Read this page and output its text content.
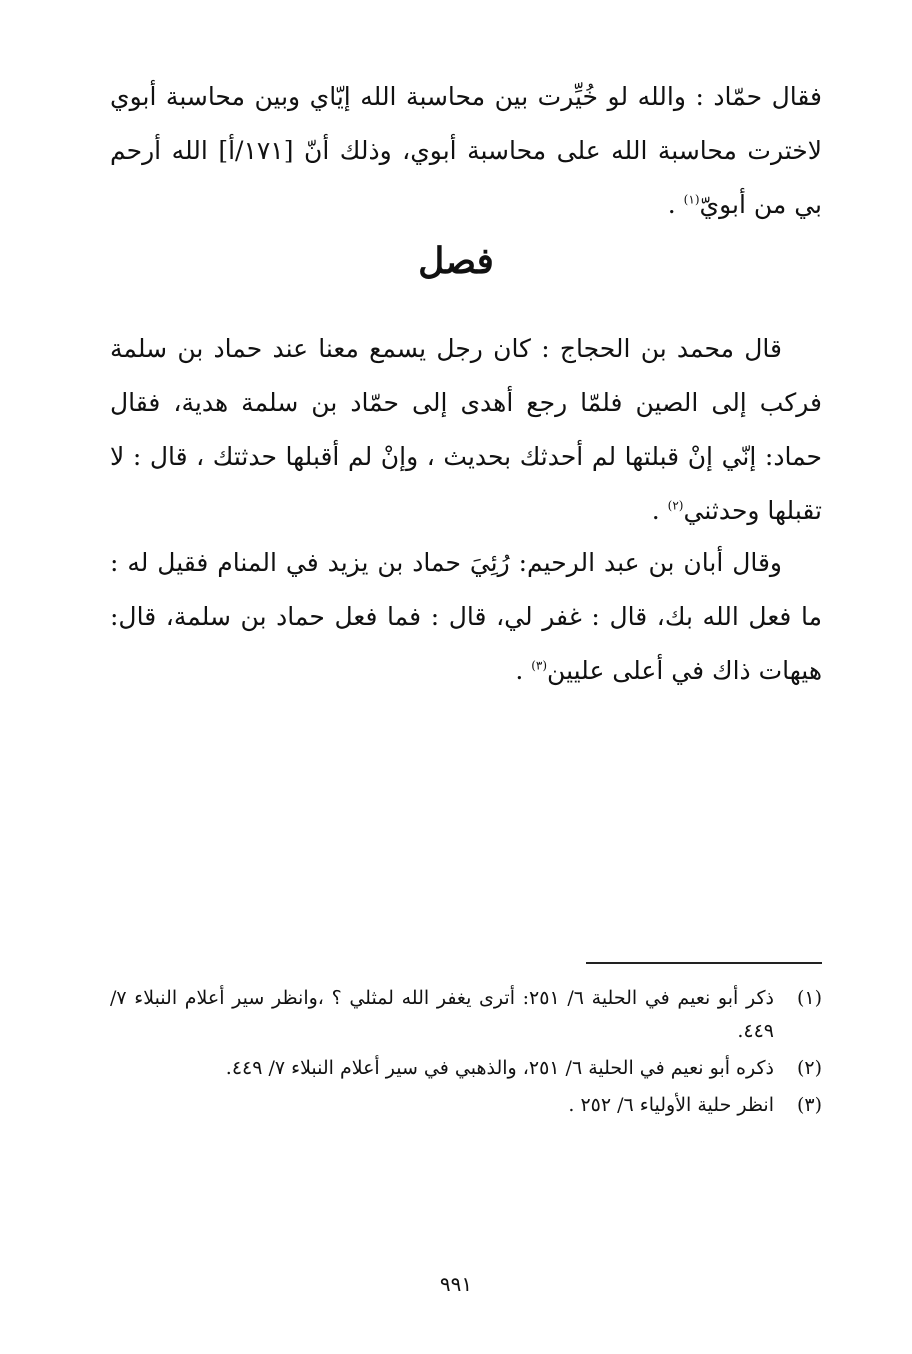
فقال حمّاد : والله لو خُيِّرت بين محاسبة الله إيّاي وبين محاسبة أبوي لاخترت محاسبة الله على محاسبة أبوي، وذلك أنّ [١٧١/أ] الله أرحم بي من أبويّ$^{(١)}$ .
فصل
قال محمد بن الحجاج : كان رجل يسمع معنا عند حماد بن سلمة فركب إلى الصين فلمّا رجع أهدى إلى حمّاد بن سلمة هدية، فقال حماد: إنّي إنْ قبلتها لم أحدثك بحديث ، وإنْ لم أقبلها حدثتك ، قال : لا تقبلها وحدثني$^{(٢)}$ .
وقال أبان بن عبد الرحيم: رُئِيَ حماد بن يزيد في المنام فقيل له : ما فعل الله بك، قال : غفر لي، قال : فما فعل حماد بن سلمة، قال: هيهات ذاك في أعلى عليين$^{(٣)}$ .
(١)
ذكر أبو نعيم في الحلية ٦/ ٢٥١: أترى يغفر الله لمثلي ؟ ،وانظر سير أعلام النبلاء ٧/ ٤٤٩.
(٢)
ذكره أبو نعيم في الحلية ٦/ ٢٥١، والذهبي في سير أعلام النبلاء ٧/ ٤٤٩.
(٣)
انظر حلية الأولياء ٦/ ٢٥٢ .
٩٩١
